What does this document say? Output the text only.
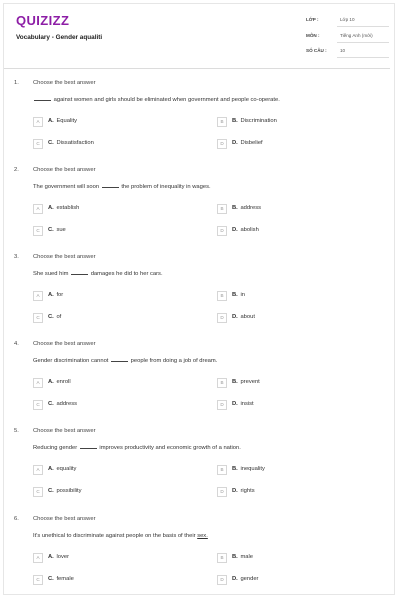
QUIZIZZ
Vocabulary - Gender aqualiti
LỚP :	Lớp 10
MÔN :	Tiếng Anh (mới)
SỐ CÂU :	10
1. Choose the best answer
against women and girls should be eliminated when government and people co-operate.
A	A. Equality	B	B. Discrimination
C	C. Dissatisfaction	D	D. Disbelief
2. Choose the best answer
The government will soon	the problem of inequality in wages.
A	A. establish	B	B. address
C	C. sue	D	D. abolish
3. Choose the best answer
She sued him	damages he did to her cars.
A	A. for	B	B. in
C	C. of	D	D. about
4. Choose the best answer
Gender discrimination cannot	people from doing a job of dream.
A	A. enroll	B	B. prevent
C	C. address	D	D. insist
5. Choose the best answer
Reducing gender	improves productivity and economic growth of a nation.
A	A. equality	B	B. inequality
C	C. possibility	D	D. rights
6. Choose the best answer
It's unethical to discriminate against people on the basis of their sex.
A	A. lover	B	B. male
C	C. female	D	D. gender
